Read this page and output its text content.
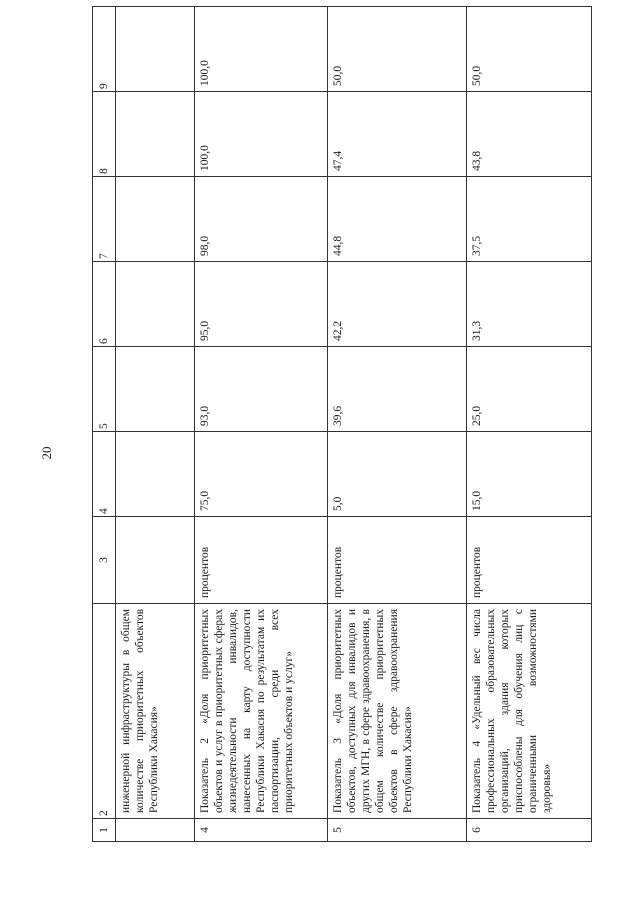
20
1	2	3	4	5	6	7	8	9
	инженерной инфраструктуры в общем количестве приоритетных объектов Республики Хакасия»							
4	Показатель 2 «Доля приоритетных объектов и услуг в приоритетных сферах жизнедеятельности инвалидов, нанесенных на карту доступности Республики Хакасия по результатам их паспортизации, среди всех приоритетных объектов и услуг»	процентов	75,0	93,0	95,0	98,0	100,0	100,0
5	Показатель 3 «Доля приоритетных объектов, доступных для инвалидов и других МГН, в сфере здравоохранения, в общем количестве приоритетных объектов в сфере здравоохранения Республики Хакасия»	процентов	5,0	39,6	42,2	44,8	47,4	50,0
6	Показатель 4 «Удельный вес числа профессиональных образовательных организаций, здания которых приспособлены для обучения лиц с ограниченными возможностями здоровья»	процентов	15,0	25,0	31,3	37,5	43,8	50,0
